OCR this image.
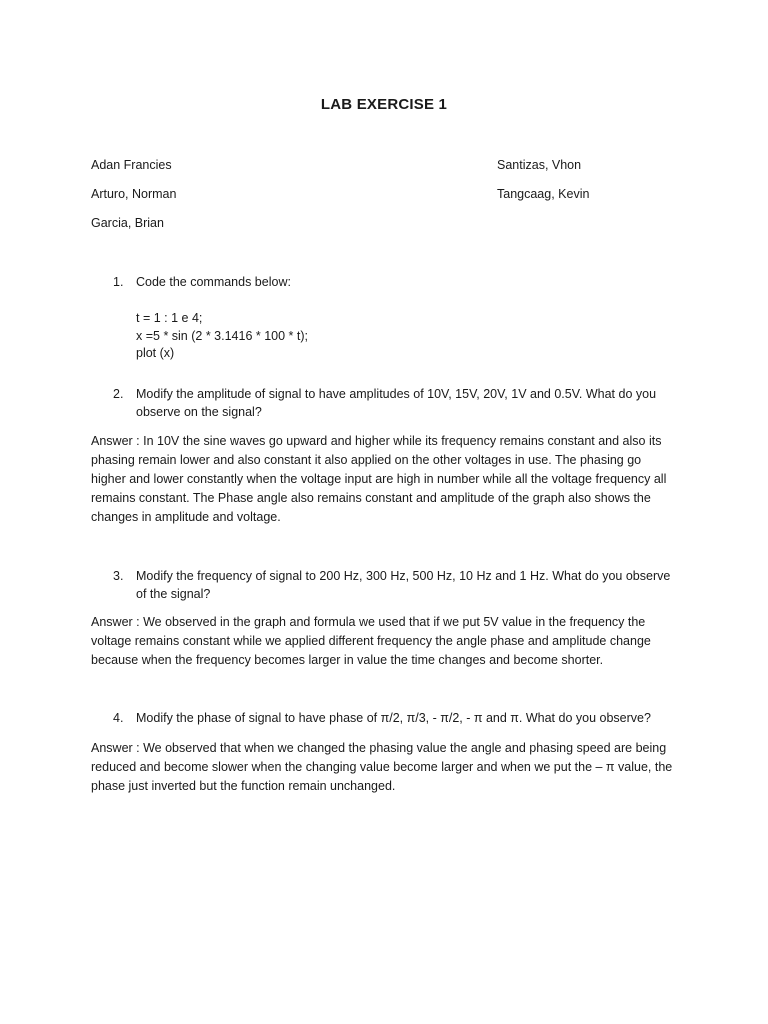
LAB EXERCISE 1
Adan Francies
Arturo, Norman
Garcia, Brian
Santizas, Vhon
Tangcaag, Kevin
1.	Code the commands below:
t = 1 : 1 e 4;
x =5 * sin (2 * 3.1416 * 100 * t);
plot (x)
2.	Modify the amplitude of signal to have amplitudes of 10V, 15V, 20V, 1V and 0.5V. What do you observe on the signal?
Answer : In 10V the sine waves go upward and higher while its frequency remains constant and also its phasing remain lower and also constant it also applied on the other voltages in use. The phasing go higher and lower constantly when the voltage input are high in number while all the voltage frequency all remains constant. The Phase angle also remains constant and amplitude of the graph also shows the changes in amplitude and voltage.
3.	Modify the frequency of signal to 200 Hz, 300 Hz, 500 Hz, 10 Hz and 1 Hz. What do you observe of the signal?
Answer : We observed in the graph and formula we used that if we put 5V value in the frequency the voltage remains constant while we applied different frequency the angle phase and amplitude change because when the frequency becomes larger in value the time changes and become shorter.
4.	Modify the phase of signal to have phase of π/2, π/3, - π/2, - π and π. What do you observe?
Answer : We observed that when we changed the phasing value the angle and phasing speed are being reduced and become slower when the changing value become larger and when we put the – π value, the phase just inverted but the function remain unchanged.
